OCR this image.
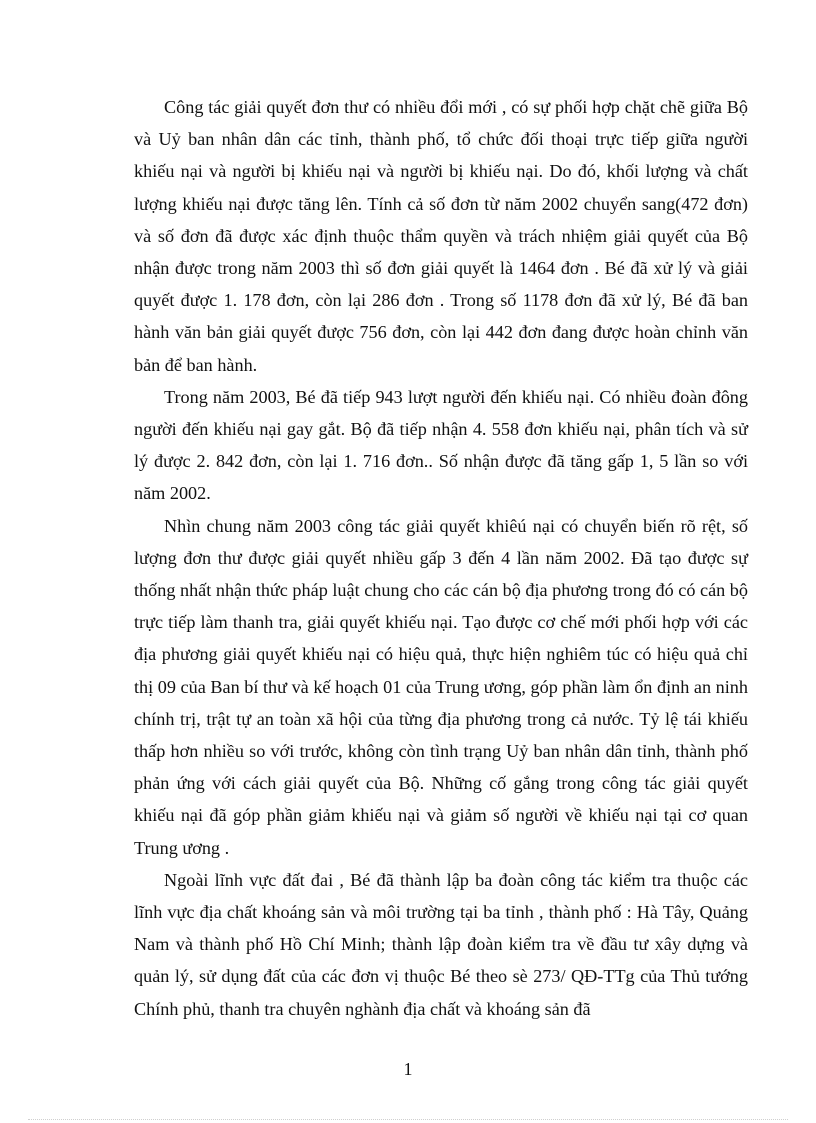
Công tác giải quyết đơn thư có nhiều đổi mới , có sự phối hợp chặt chẽ giữa Bộ và Uỷ ban nhân dân các tỉnh, thành phố, tổ chức đối thoại trực tiếp giữa người khiếu nại và người bị khiếu nại và người bị khiếu nại. Do đó, khối lượng và chất lượng khiếu nại được tăng lên. Tính cả số đơn từ năm 2002 chuyển sang(472 đơn) và số đơn đã được xác định thuộc thẩm quyền và trách nhiệm giải quyết của Bộ nhận được trong năm 2003 thì số đơn giải quyết là 1464 đơn . Bé đã xử lý và giải quyết được 1. 178 đơn, còn lại 286 đơn . Trong số 1178 đơn đã xử lý, Bé đã ban hành văn bản giải quyết được 756 đơn, còn lại 442 đơn đang được hoàn chỉnh văn bản để ban hành.

Trong năm 2003, Bé đã tiếp 943 lượt người đến khiếu nại. Có nhiều đoàn đông người đến khiếu nại gay gắt. Bộ đã tiếp nhận 4. 558 đơn khiếu nại, phân tích và sử lý được 2. 842 đơn, còn lại 1. 716 đơn.. Số nhận được đã tăng gấp 1, 5 lần so với năm 2002.

Nhìn chung năm 2003 công tác giải quyết khiêú nại có chuyển biến rõ rệt, số lượng đơn thư được giải quyết nhiều gấp 3 đến 4 lần năm 2002. Đã tạo được sự thống nhất nhận thức pháp luật chung cho các cán bộ địa phương trong đó có cán bộ trực tiếp làm thanh tra, giải quyết khiếu nại. Tạo được cơ chế mới phối hợp với các địa phương giải quyết khiếu nại có hiệu quả, thực hiện nghiêm túc có hiệu quả chỉ thị 09 của Ban bí thư và kế hoạch 01 của Trung ương, góp phần làm ổn định an ninh chính trị, trật tự an toàn xã hội của từng địa phương trong cả nước. Tỷ lệ tái khiếu thấp hơn nhiều so với trước, không còn tình trạng Uỷ ban nhân dân tỉnh, thành phố phản ứng với cách giải quyết của Bộ. Những cố gắng trong công tác giải quyết khiếu nại đã góp phần giảm khiếu nại và giảm số người về khiếu nại tại cơ quan Trung ương .

Ngoài lĩnh vực đất đai , Bé đã thành lập ba đoàn công tác kiểm tra thuộc các lĩnh vực địa chất khoáng sản và môi trường tại ba tỉnh , thành phố : Hà Tây, Quảng Nam và thành phố Hồ Chí Minh; thành lập đoàn kiểm tra về đầu tư xây dựng và quản lý, sử dụng đất của các đơn vị thuộc Bé theo sè 273/ QĐ-TTg của Thủ tướng Chính phủ, thanh tra chuyên nghành địa chất và khoáng sản đã

1
